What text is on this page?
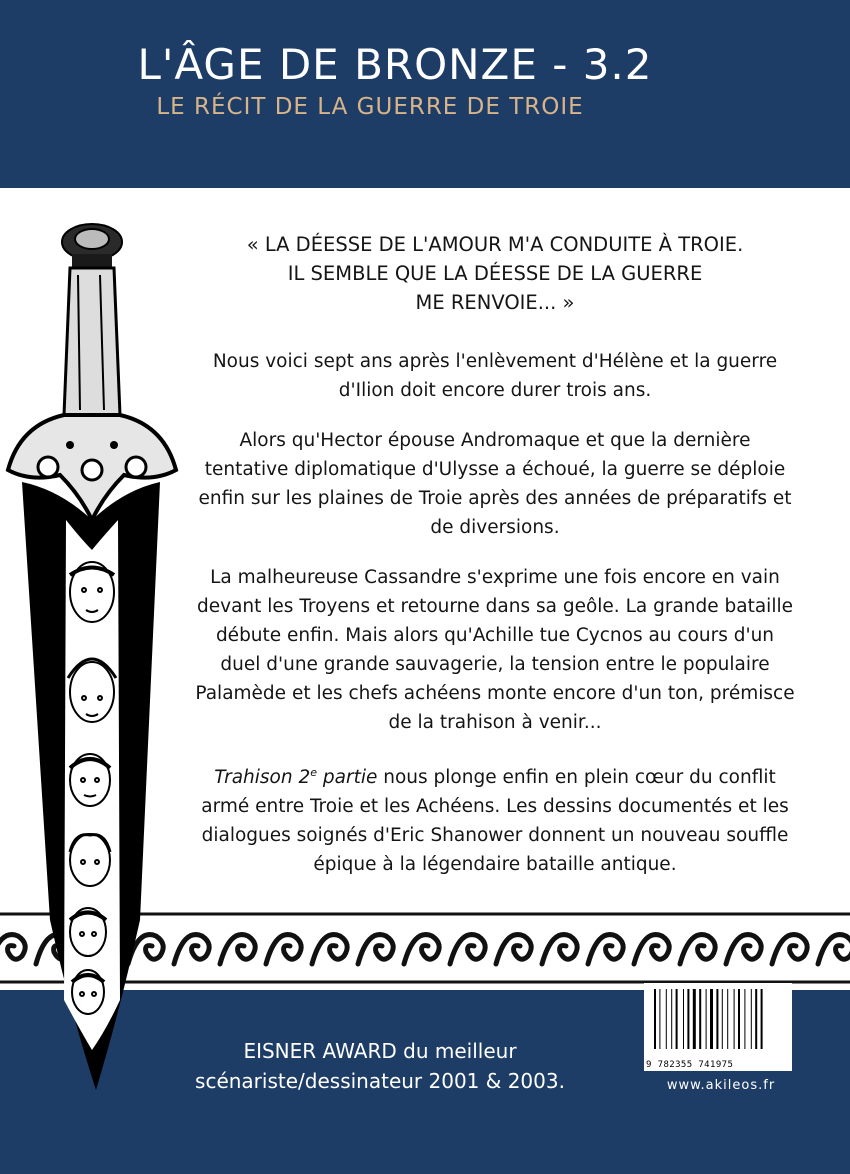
L'ÂGE DE BRONZE - 3.2
LE RÉCIT DE LA GUERRE DE TROIE

« LA DÉESSE DE L'AMOUR M'A CONDUITE À TROIE.
IL SEMBLE QUE LA DÉESSE DE LA GUERRE
ME RENVOIE... »

Nous voici sept ans après l'enlèvement d'Hélène et la guerre d'Ilion doit encore durer trois ans.

Alors qu'Hector épouse Andromaque et que la dernière tentative diplomatique d'Ulysse a échoué, la guerre se déploie enfin sur les plaines de Troie après des années de préparatifs et de diversions.

La malheureuse Cassandre s'exprime une fois encore en vain devant les Troyens et retourne dans sa geôle. La grande bataille débute enfin. Mais alors qu'Achille tue Cycnos au cours d'un duel d'une grande sauvagerie, la tension entre le populaire Palamède et les chefs achéens monte encore d'un ton, prémisce de la trahison à venir...

Trahison 2e partie nous plonge enfin en plein cœur du conflit armé entre Troie et les Achéens. Les dessins documentés et les dialogues soignés d'Eric Shanower donnent un nouveau souffle épique à la légendaire bataille antique.

EISNER AWARD du meilleur
scénariste/dessinateur 2001 & 2003.
9 782355 741975
www.akileos.fr
